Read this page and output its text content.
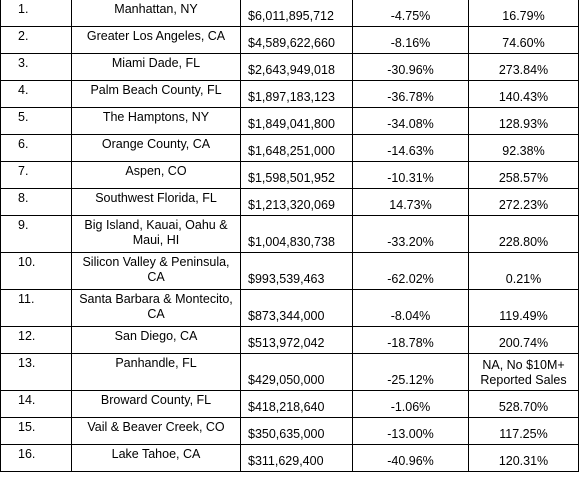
1.	Manhattan, NY	$6,011,895,712	-4.75%	16.79%
2.	Greater Los Angeles, CA	$4,589,622,660	-8.16%	74.60%
3.	Miami Dade, FL	$2,643,949,018	-30.96%	273.84%
4.	Palm Beach County, FL	$1,897,183,123	-36.78%	140.43%
5.	The Hamptons, NY	$1,849,041,800	-34.08%	128.93%
6.	Orange County, CA	$1,648,251,000	-14.63%	92.38%
7.	Aspen, CO	$1,598,501,952	-10.31%	258.57%
8.	Southwest Florida, FL	$1,213,320,069	14.73%	272.23%
9.	Big Island, Kauai, Oahu & Maui, HI	$1,004,830,738	-33.20%	228.80%
10.	Silicon Valley & Peninsula, CA	$993,539,463	-62.02%	0.21%
11.	Santa Barbara & Montecito, CA	$873,344,000	-8.04%	119.49%
12.	San Diego, CA	$513,972,042	-18.78%	200.74%
13.	Panhandle, FL	$429,050,000	-25.12%	NA, No $10M+ Reported Sales
14.	Broward County, FL	$418,218,640	-1.06%	528.70%
15.	Vail & Beaver Creek, CO	$350,635,000	-13.00%	117.25%
16.	Lake Tahoe, CA	$311,629,400	-40.96%	120.31%
